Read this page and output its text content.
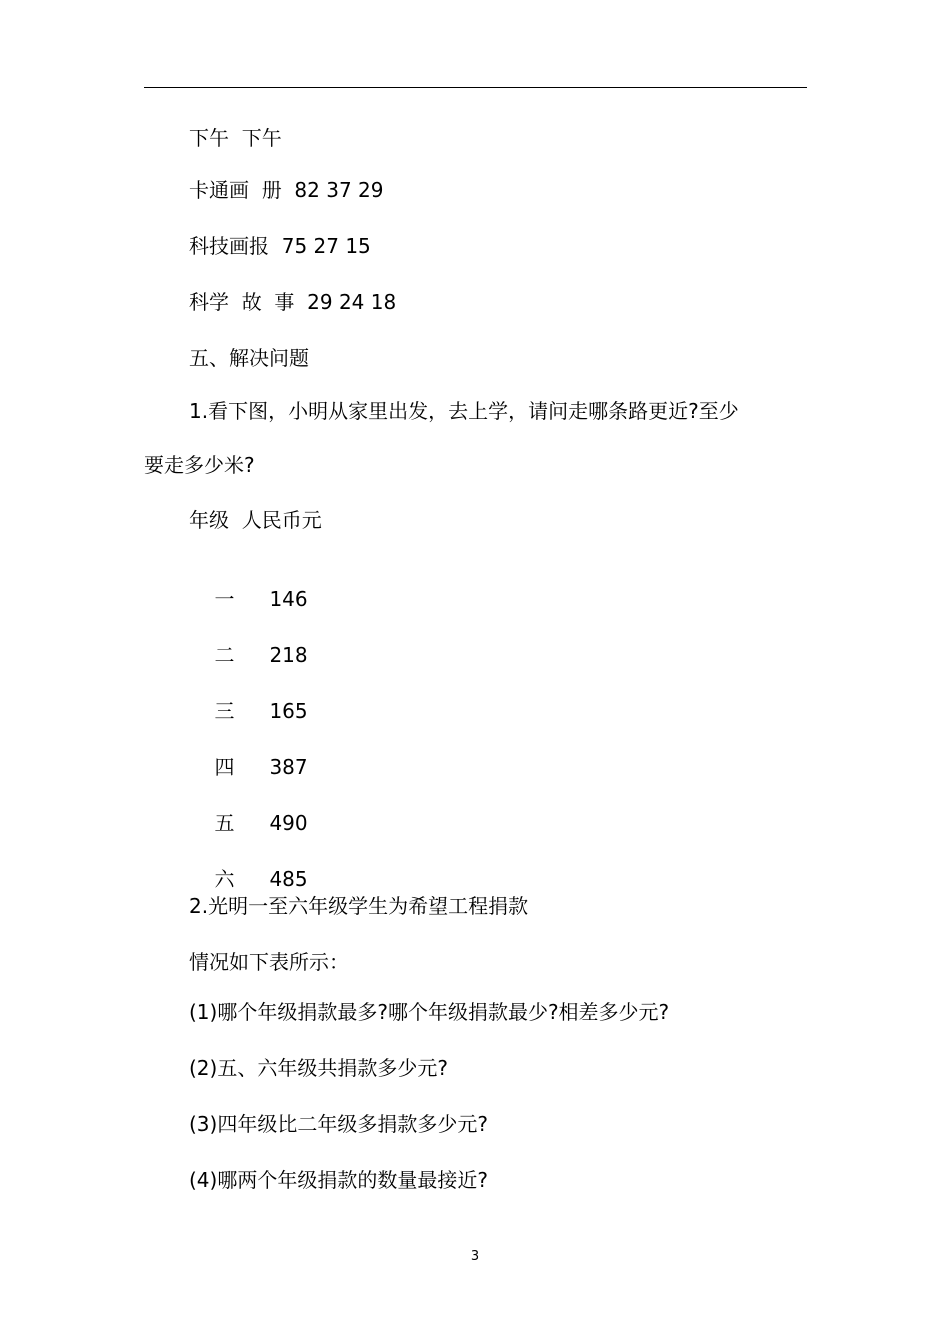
下午  下午

卡通画  册  82 37 29

科技画报  75 27 15

科学  故  事  29 24 18

五、解决问题

1.看下图，小明从家里出发，去上学，请问走哪条路更近?至少

要走多少米?

年级  人民币元

一 146

二 218

三 165

四 387

五 490

六 485

2.光明一至六年级学生为希望工程捐款

情况如下表所示：

(1)哪个年级捐款最多?哪个年级捐款最少?相差多少元?

(2)五、六年级共捐款多少元?

(3)四年级比二年级多捐款多少元?

(4)哪两个年级捐款的数量最接近?

3
